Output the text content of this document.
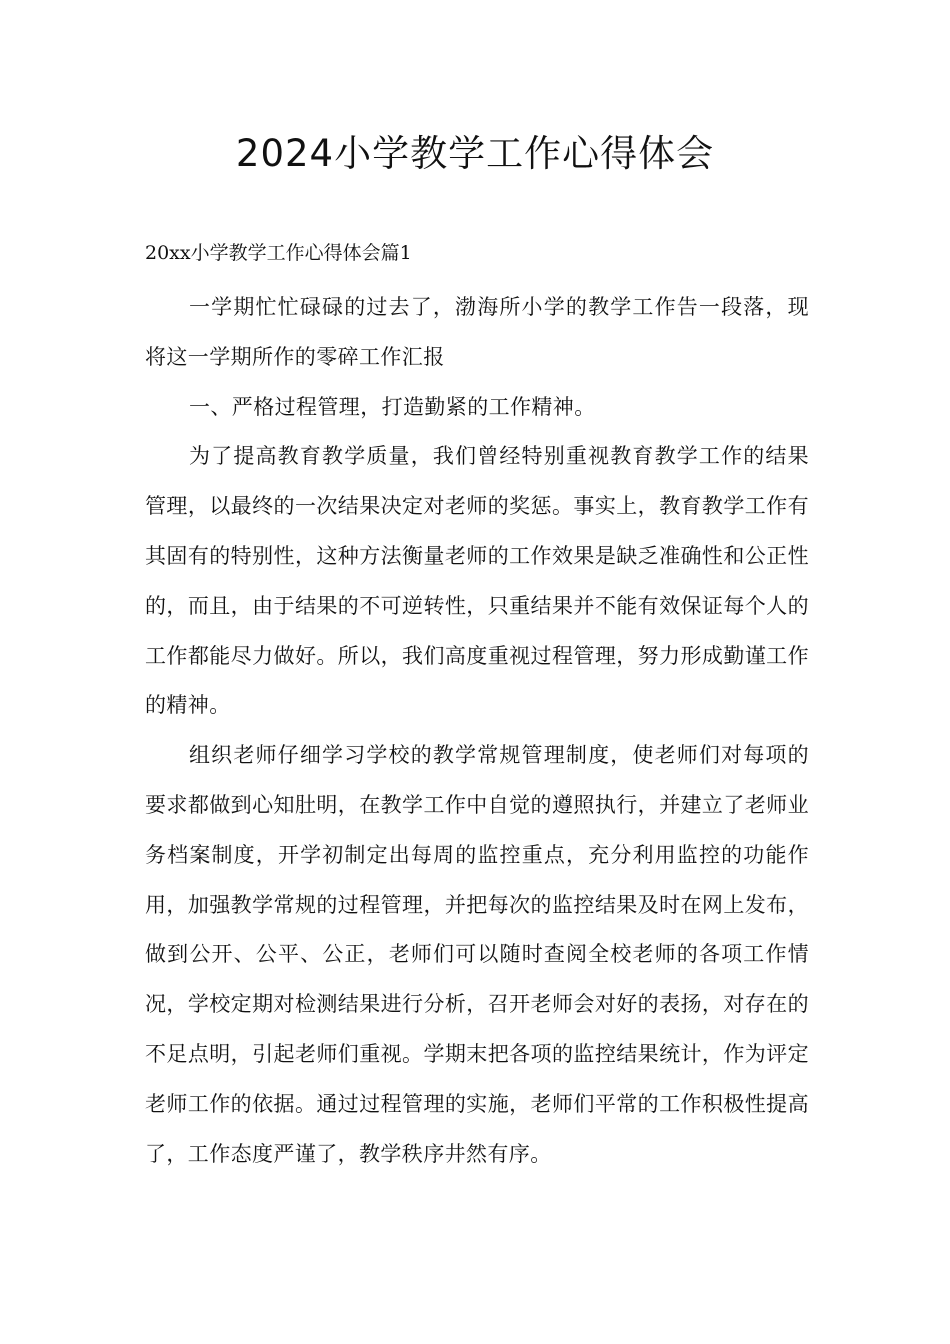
2024小学教学工作心得体会

20xx小学教学工作心得体会篇1

一学期忙忙碌碌的过去了，渤海所小学的教学工作告一段落，现将这一学期所作的零碎工作汇报

一、严格过程管理，打造勤紧的工作精神。

为了提高教育教学质量，我们曾经特别重视教育教学工作的结果管理，以最终的一次结果决定对老师的奖惩。事实上，教育教学工作有其固有的特别性，这种方法衡量老师的工作效果是缺乏准确性和公正性的，而且，由于结果的不可逆转性，只重结果并不能有效保证每个人的工作都能尽力做好。所以，我们高度重视过程管理，努力形成勤谨工作的精神。

组织老师仔细学习学校的教学常规管理制度，使老师们对每项的要求都做到心知肚明，在教学工作中自觉的遵照执行，并建立了老师业务档案制度，开学初制定出每周的监控重点，充分利用监控的功能作用，加强教学常规的过程管理，并把每次的监控结果及时在网上发布，做到公开、公平、公正，老师们可以随时查阅全校老师的各项工作情况，学校定期对检测结果进行分析，召开老师会对好的表扬，对存在的不足点明，引起老师们重视。学期末把各项的监控结果统计，作为评定老师工作的依据。通过过程管理的实施，老师们平常的工作积极性提高了，工作态度严谨了，教学秩序井然有序。
